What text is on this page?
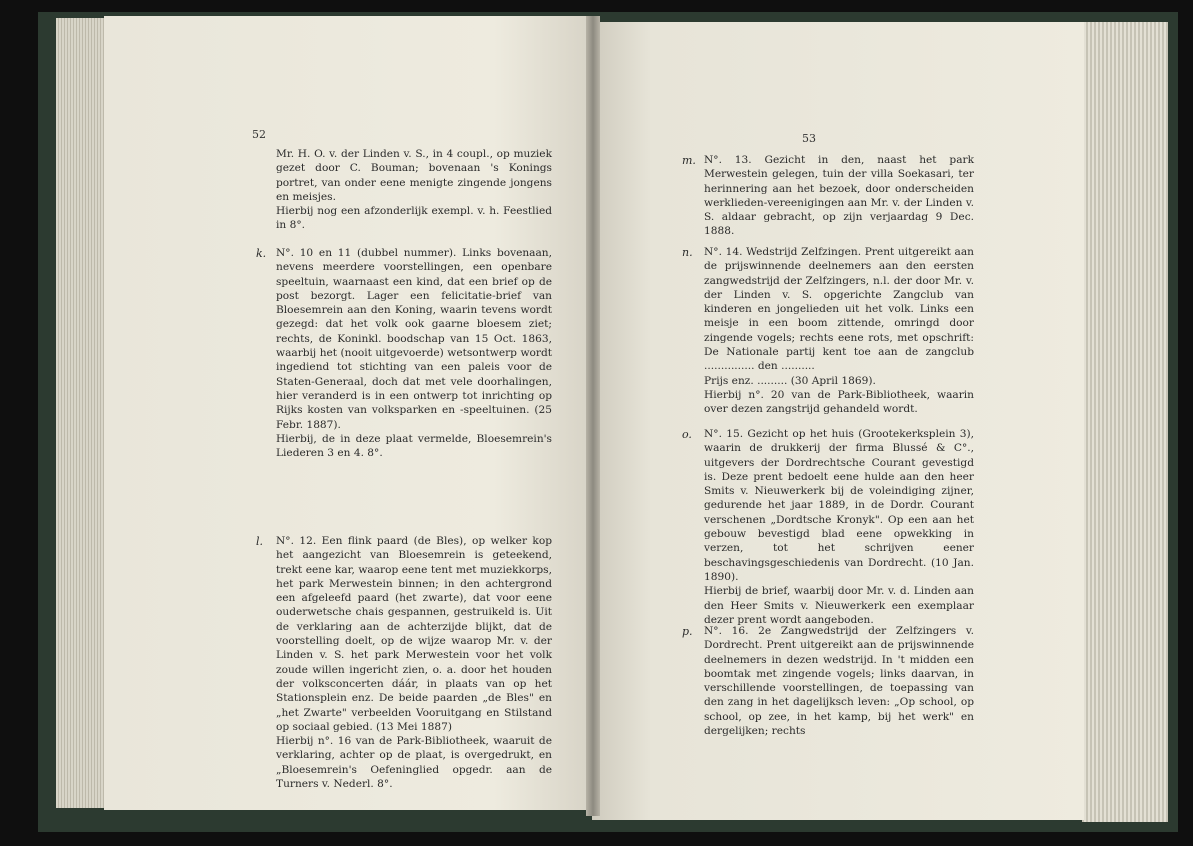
52

Mr. H. O. v. der Linden v. S., in 4 coupl., op muziek gezet door C. Bouman; bovenaan 's Konings portret, van onder eene menigte zingende jongens en meisjes.

Hierbij nog een afzonderlijk exempl. v. h. Feestlied in 8°.

k. N°. 10 en 11 (dubbel nummer). Links bovenaan, nevens meerdere voorstellingen, een openbare speeltuin, waarnaast een kind, dat een brief op de post bezorgt. Lager een felicitatie-brief van Bloesemrein aan den Koning, waarin tevens wordt gezegd: dat het volk ook gaarne bloesem ziet; rechts, de Koninkl. boodschap van 15 Oct. 1863, waarbij het (nooit uitgevoerde) wetsontwerp wordt ingediend tot stichting van een paleis voor de Staten-Generaal, doch dat met vele doorhalingen, hier veranderd is in een ontwerp tot inrichting op Rijks kosten van volksparken en -speeltuinen. (25 Febr. 1887).

Hierbij, de in deze plaat vermelde, Bloesemrein's Liederen 3 en 4. 8°.

l. N°. 12. Een flink paard (de Bles), op welker kop het aangezicht van Bloesemrein is geteekend, trekt eene kar, waarop eene tent met muziekkorps, het park Merwestein binnen; in den achtergrond een afgeleefd paard (het zwarte), dat voor eene ouderwetsche chais gespannen, gestruikeld is. Uit de verklaring aan de achterzijde blijkt, dat de voorstelling doelt, op de wijze waarop Mr. v. der Linden v. S. het park Merwestein voor het volk zoude willen ingericht zien, o. a. door het houden der volksconcerten dáár, in plaats van op het Stationsplein enz. De beide paarden „de Bles" en „het Zwarte" verbeelden Vooruitgang en Stilstand op sociaal gebied. (13 Mei 1887)

Hierbij n°. 16 van de Park-Bibliotheek, waaruit de verklaring, achter op de plaat, is overgedrukt, en „Bloesemrein's Oefeninglied opgedr. aan de Turners v. Nederl. 8°.

53
m. N°. 13. Gezicht in den, naast het park Merwestein gelegen, tuin der villa Soekasari, ter herinnering aan het bezoek, door onderscheiden werklieden-vereenigingen aan Mr. v. der Linden v. S. aldaar gebracht, op zijn verjaardag 9 Dec. 1888.

n. N°. 14. Wedstrijd Zelfzingen. Prent uitgereikt aan de prijswinnende deelnemers aan den eersten zangwedstrijd der Zelfzingers, n.l. der door Mr. v. der Linden v. S. opgerichte Zangclub van kinderen en jongelieden uit het volk. Links een meisje in een boom zittende, omringd door zingende vogels; rechts eene rots, met opschrift: De Nationale partij kent toe aan de zangclub ............... den ..........

Prijs enz. ......... (30 April 1869).

Hierbij n°. 20 van de Park-Bibliotheek, waarin over dezen zangstrijd gehandeld wordt.

o. N°. 15. Gezicht op het huis (Grootekerksplein 3), waarin de drukkerij der firma Blussé & C°., uitgevers der Dordrechtsche Courant gevestigd is. Deze prent bedoelt eene hulde aan den heer Smits v. Nieuwerkerk bij de voleindiging zijner, gedurende het jaar 1889, in de Dordr. Courant verschenen „Dordtsche Kronyk". Op een aan het gebouw bevestigd blad eene opwekking in verzen, tot het schrijven eener beschavingsgeschiedenis van Dordrecht. (10 Jan. 1890).

Hierbij de brief, waarbij door Mr. v. d. Linden aan den Heer Smits v. Nieuwerkerk een exemplaar dezer prent wordt aangeboden.

p. N°. 16. 2e Zangwedstrijd der Zelfzingers v. Dordrecht. Prent uitgereikt aan de prijswinnende deelnemers in dezen wedstrijd. In 't midden een boomtak met zingende vogels; links daarvan, in verschillende voorstellingen, de toepassing van den zang in het dagelijksch leven: „Op school, op school, op zee, in het kamp, bij het werk" en dergelijken; rechts
